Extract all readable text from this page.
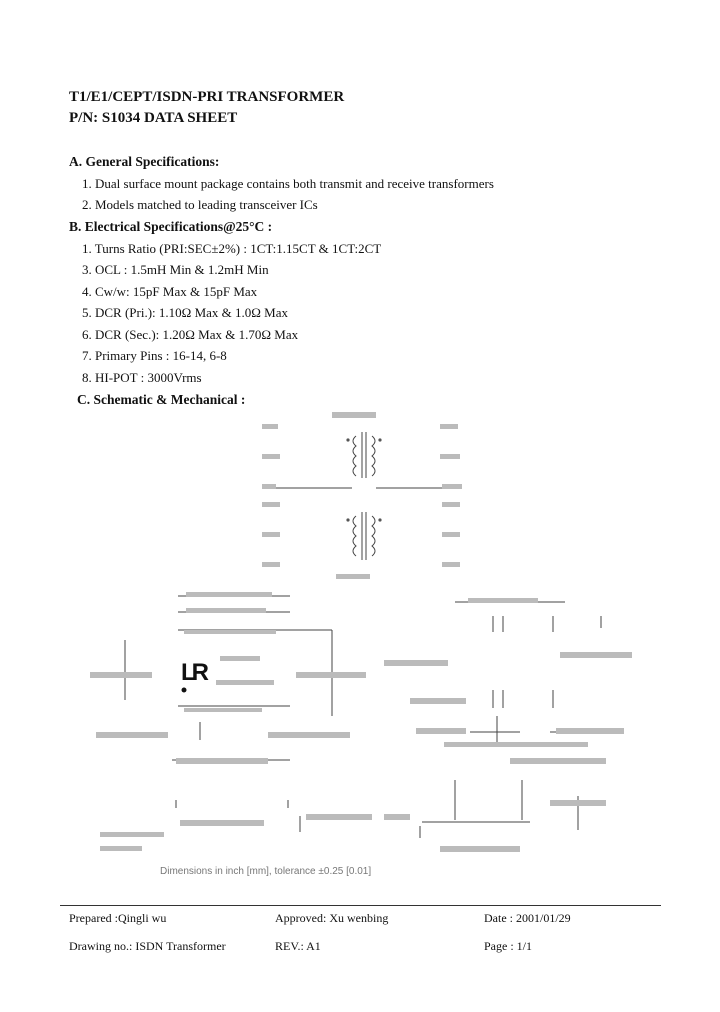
T1/E1/CEPT/ISDN-PRI TRANSFORMER
P/N: S1034 DATA SHEET
A. General Specifications:
1. Dual surface mount package contains both transmit and receive transformers
2. Models matched to leading transceiver ICs
B. Electrical Specifications@25°C :
1. Turns Ratio (PRI:SEC±2%) : 1CT:1.15CT & 1CT:2CT
3. OCL : 1.5mH Min & 1.2mH Min
4. Cw/w: 15pF Max & 15pF Max
5. DCR (Pri.): 1.10Ω Max & 1.0Ω Max
6. DCR (Sec.): 1.20Ω Max & 1.70Ω Max
7. Primary Pins : 16-14, 6-8
8. HI-POT : 3000Vrms
C. Schematic & Mechanical :
LR
Dimensions in inch [mm], tolerance ±0.25 [0.01]
Prepared :Qingli wu	Approved: Xu wenbing	Date : 2001/01/29
Drawing no.: ISDN Transformer	REV.: A1	Page : 1/1
